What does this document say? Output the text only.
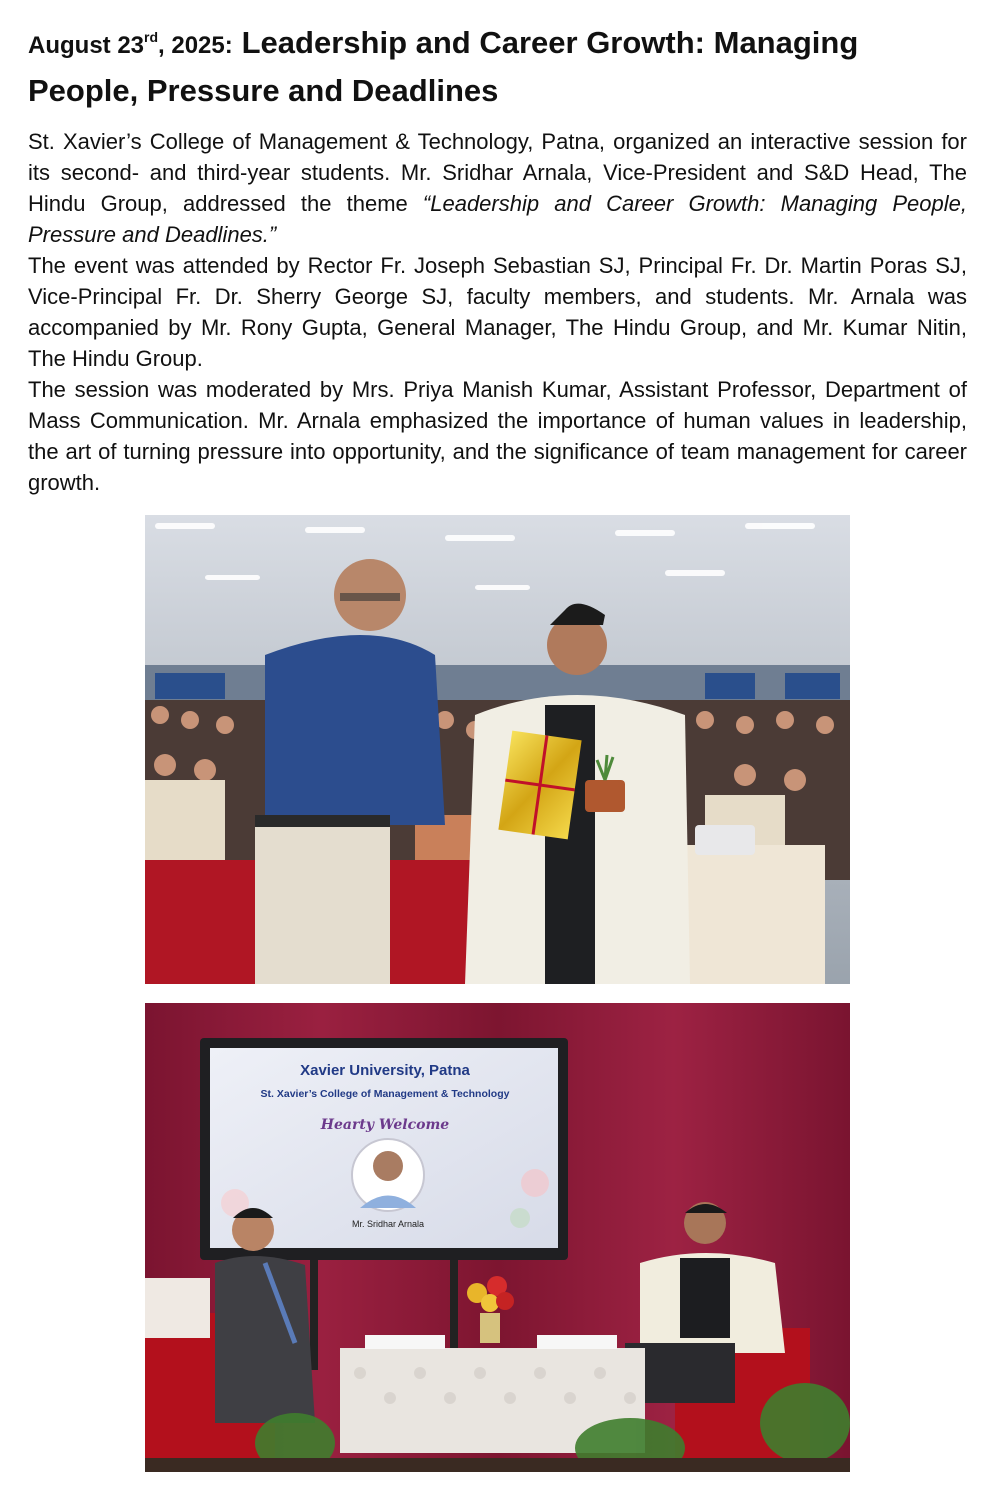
August 23rd, 2025: Leadership and Career Growth: Managing People, Pressure and Deadlines

St. Xavier’s College of Management & Technology, Patna, organized an interactive session for its second- and third-year students. Mr. Sridhar Arnala, Vice-President and S&D Head, The Hindu Group, addressed the theme “Leadership and Career Growth: Managing People, Pressure and Deadlines.”

The event was attended by Rector Fr. Joseph Sebastian SJ, Principal Fr. Dr. Martin Poras SJ, Vice-Principal Fr. Dr. Sherry George SJ, faculty members, and students. Mr. Arnala was accompanied by Mr. Rony Gupta, General Manager, The Hindu Group, and Mr. Kumar Nitin, The Hindu Group.

The session was moderated by Mrs. Priya Manish Kumar, Assistant Professor, Department of Mass Communication. Mr. Arnala emphasized the importance of human values in leadership, the art of turning pressure into opportunity, and the significance of team management for career growth.

Xavier University, Patna
St. Xavier’s College of Management & Technology
Hearty Welcome
Mr. Sridhar Arnala
